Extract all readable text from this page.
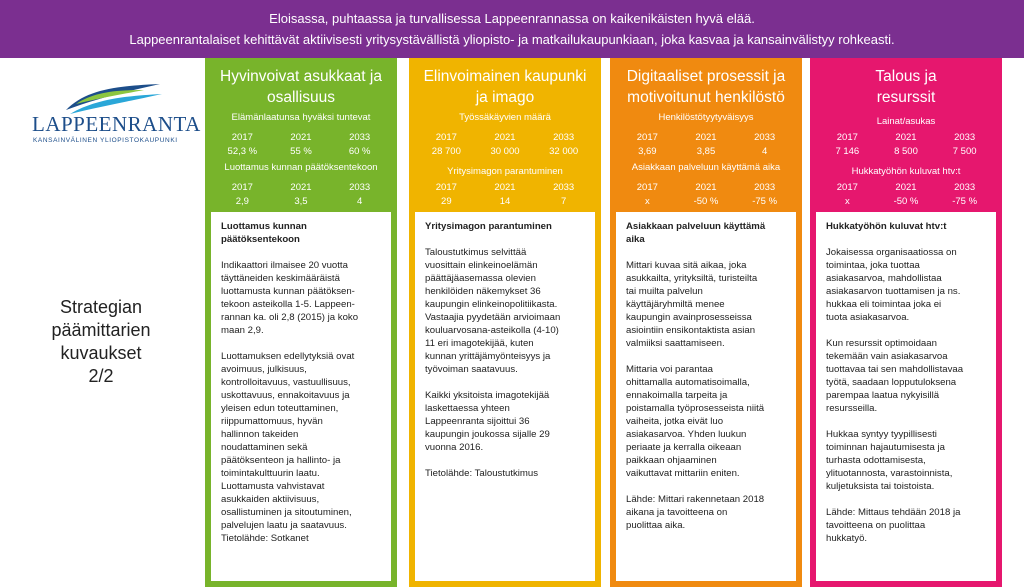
Eloisassa, puhtaassa ja turvallisessa Lappeenrannassa on kaikenikäisten hyvä elää.
Lappeenrantalaiset kehittävät aktiivisesti yritysystävällistä yliopisto- ja matkailukaupunkiaan, joka kasvaa ja kansainvälistyy rohkeasti.
LAPPEENRANTA
KANSAINVÄLINEN YLIOPISTOKAUPUNKI
Strategian
päämittarien
kuvaukset
2/2
Hyvinvoivat asukkaat ja
osallisuus
Elämänlaatunsa hyväksi tuntevat
2017	2021	2033
52,3 %	55 %	60 %
Luottamus kunnan päätöksentekoon
2017	2021	2033
2,9	3,5	4
Luottamus kunnan
päätöksentekoon
Indikaattori ilmaisee 20 vuotta
täyttäneiden keskimääräistä
luottamusta kunnan päätöksen-
tekoon asteikolla 1-5. Lappeen-
rannan ka. oli 2,8 (2015) ja koko
maan 2,9.
Luottamuksen edellytyksiä ovat
avoimuus, julkisuus,
kontrolloitavuus, vastuullisuus,
uskottavuus, ennakoitavuus ja
yleisen edun toteuttaminen,
riippumattomuus, hyvän
hallinnon takeiden
noudattaminen sekä
päätöksenteon ja hallinto- ja
toimintakulttuurin laatu.
Luottamusta vahvistavat
asukkaiden aktiivisuus,
osallistuminen ja sitoutuminen,
palvelujen laatu ja saatavuus.
Tietolähde: Sotkanet
Elinvoimainen kaupunki
ja imago
Työssäkäyvien määrä
2017	2021	2033
28 700	30 000	32 000
Yritysimagon parantuminen
2017	2021	2033
29	14	7
Yritysimagon parantuminen
Taloustutkimus selvittää
vuosittain elinkeinoelämän
päättäjäasemassa olevien
henkilöiden näkemykset 36
kaupungin elinkeinopolitiikasta.
Vastaajia pyydetään arvioimaan
kouluarvosana-asteikolla (4-10)
11 eri imagotekijää, kuten
kunnan yrittäjämyönteisyys ja
työvoiman saatavuus.
Kaikki yksitoista imagotekijää
laskettaessa yhteen
Lappeenranta sijoittui 36
kaupungin joukossa sijalle 29
vuonna 2016.
Tietolähde: Taloustutkimus
Digitaaliset prosessit ja
motivoitunut henkilöstö
Henkilöstötyytyväisyys
2017	2021	2033
3,69	3,85	4
Asiakkaan palveluun käyttämä aika
2017	2021	2033
x	-50 %	-75 %
Asiakkaan palveluun käyttämä
aika
Mittari kuvaa sitä aikaa, joka
asukkailta, yrityksiltä, turisteilta
tai muilta palvelun
käyttäjäryhmiltä menee
kaupungin avainprosesseissa
asiointiin ensikontaktista asian
valmiiksi saattamiseen.
Mittaria voi parantaa
ohittamalla automatisoimalla,
ennakoimalla tarpeita ja
poistamalla työprosesseista niitä
vaiheita, jotka eivät luo
asiakasarvoa. Yhden luukun
periaate ja kerralla oikeaan
paikkaan ohjaaminen
vaikuttavat mittariin eniten.
Lähde: Mittari rakennetaan 2018
aikana ja tavoitteena on
puolittaa aika.
Talous ja
resurssit
Lainat/asukas
2017	2021	2033
7 146	8 500	7 500
Hukkatyöhön kuluvat htv:t
2017	2021	2033
x	-50 %	-75 %
Hukkatyöhön kuluvat htv:t
Jokaisessa organisaatiossa on
toimintaa, joka tuottaa
asiakasarvoa, mahdollistaa
asiakasarvon tuottamisen ja ns.
hukkaa eli toimintaa joka ei
tuota asiakasarvoa.
Kun resurssit optimoidaan
tekemään vain asiakasarvoa
tuottavaa tai sen mahdollistavaa
työtä, saadaan lopputuloksena
parempaa laatua nykyisillä
resursseilla.
Hukkaa syntyy tyypillisesti
toiminnan hajautumisesta ja
turhasta odottamisesta,
ylituotannosta, varastoinnista,
kuljetuksista tai toistoista.
Lähde: Mittaus tehdään 2018 ja
tavoitteena on puolittaa
hukkatyö.
